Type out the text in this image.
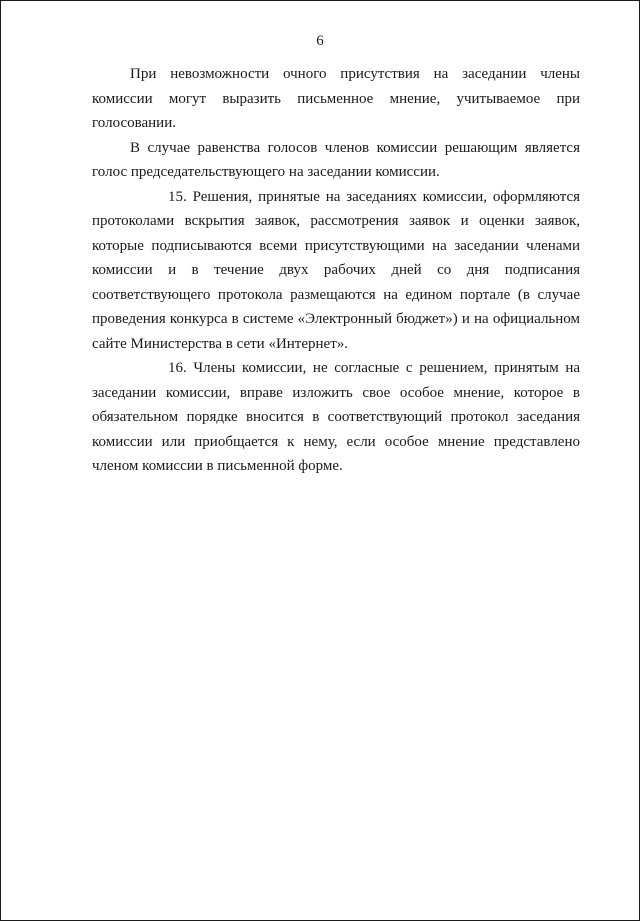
6

При невозможности очного присутствия на заседании члены комиссии могут выразить письменное мнение, учитываемое при голосовании.

В случае равенства голосов членов комиссии решающим является голос председательствующего на заседании комиссии.

15. Решения, принятые на заседаниях комиссии, оформляются протоколами вскрытия заявок, рассмотрения заявок и оценки заявок, которые подписываются всеми присутствующими на заседании членами комиссии и в течение двух рабочих дней со дня подписания соответствующего протокола размещаются на едином портале (в случае проведения конкурса в системе «Электронный бюджет») и на официальном сайте Министерства в сети «Интернет».

16. Члены комиссии, не согласные с решением, принятым на заседании комиссии, вправе изложить свое особое мнение, которое в обязательном порядке вносится в соответствующий протокол заседания комиссии или приобщается к нему, если особое мнение представлено членом комиссии в письменной форме.
